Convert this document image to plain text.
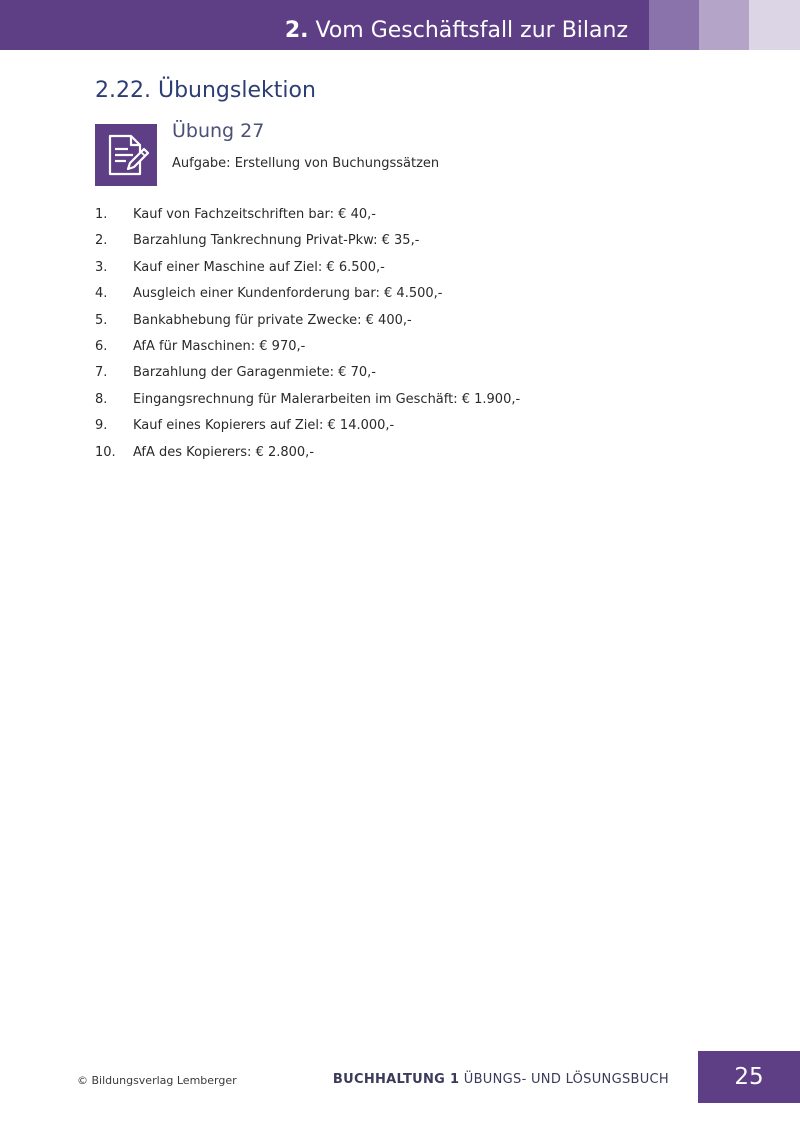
2. Vom Geschäftsfall zur Bilanz
2.22. Übungslektion
Übung 27
Aufgabe: Erstellung von Buchungssätzen
1. Kauf von Fachzeitschriften bar: € 40,-
2. Barzahlung Tankrechnung Privat-Pkw: € 35,-
3. Kauf einer Maschine auf Ziel: € 6.500,-
4. Ausgleich einer Kundenforderung bar: € 4.500,-
5. Bankabhebung für private Zwecke: € 400,-
6. AfA für Maschinen: € 970,-
7. Barzahlung der Garagenmiete: € 70,-
8. Eingangsrechnung für Malerarbeiten im Geschäft: € 1.900,-
9. Kauf eines Kopierers auf Ziel: € 14.000,-
10. AfA des Kopierers: € 2.800,-
© Bildungsverlag Lemberger	BUCHHALTUNG 1 ÜBUNGS- UND LÖSUNGSBUCH	25
